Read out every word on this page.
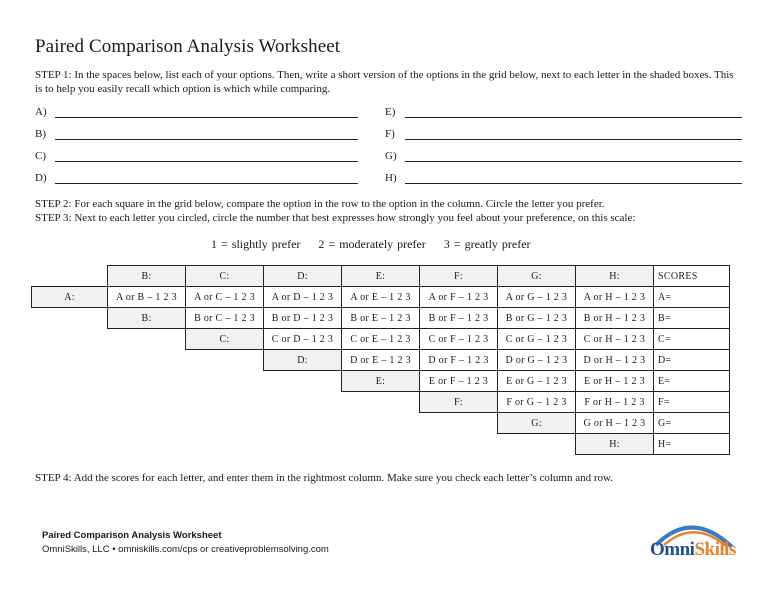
Paired Comparison Analysis Worksheet
STEP 1: In the spaces below, list each of your options. Then, write a short version of the options in the grid below, next to each letter in the shaded boxes. This is to help you easily recall which option is which while comparing.
A)
B)
C)
D)
E)
F)
G)
H)
STEP 2: For each square in the grid below, compare the option in the row to the option in the column. Circle the letter you prefer.
STEP 3: Next to each letter you circled, circle the number that best expresses how strongly you feel about your preference, on this scale:
1 = slightly prefer 2 = moderately prefer 3 = greatly prefer
	B:	C:	D:	E:	F:	G:	H:	SCORES
A:	A or B – 1 2 3	A or C – 1 2 3	A or D – 1 2 3	A or E – 1 2 3	A or F – 1 2 3	A or G – 1 2 3	A or H – 1 2 3	A=
	B:	B or C – 1 2 3	B or D – 1 2 3	B or E – 1 2 3	B or F – 1 2 3	B or G – 1 2 3	B or H – 1 2 3	B=
		C:	C or D – 1 2 3	C or E – 1 2 3	C or F – 1 2 3	C or G – 1 2 3	C or H – 1 2 3	C=
			D:	D or E – 1 2 3	D or F – 1 2 3	D or G – 1 2 3	D or H – 1 2 3	D=
				E:	E or F – 1 2 3	E or G – 1 2 3	E or H – 1 2 3	E=
					F:	F or G – 1 2 3	F or H – 1 2 3	F=
						G:	G or H – 1 2 3	G=
							H:	H=
STEP 4: Add the scores for each letter, and enter them in the rightmost column. Make sure you check each letter’s column and row.
Paired Comparison Analysis Worksheet
OmniSkills, LLC • omniskills.com/cps or creativeproblemsolving.com	OmniSkills
